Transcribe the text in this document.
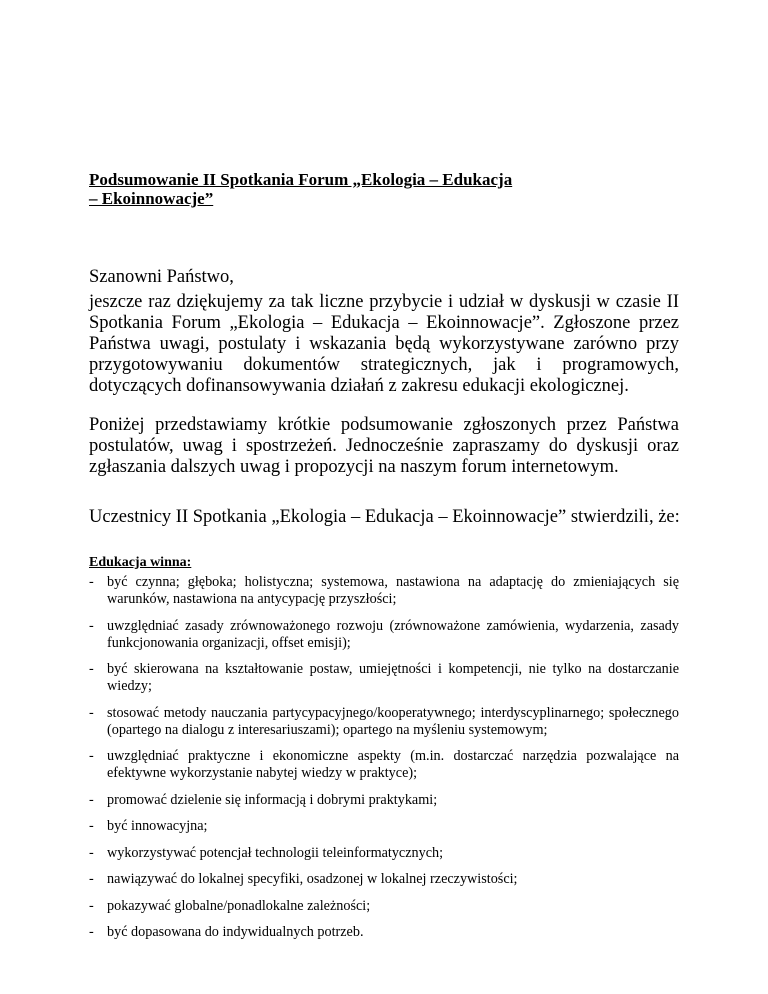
Podsumowanie II Spotkania Forum „Ekologia – Edukacja
– Ekoinnowacje”
Szanowni Państwo,

jeszcze raz dziękujemy za tak liczne przybycie i udział w dyskusji w czasie II Spotkania Forum „Ekologia – Edukacja – Ekoinnowacje”. Zgłoszone przez Państwa uwagi, postulaty i wskazania będą wykorzystywane zarówno przy przygotowywaniu dokumentów strategicznych, jak i programowych, dotyczących dofinansowywania działań z zakresu edukacji ekologicznej.

Poniżej przedstawiamy krótkie podsumowanie zgłoszonych przez Państwa postulatów, uwag i spostrzeżeń. Jednocześnie zapraszamy do dyskusji oraz zgłaszania dalszych uwag i propozycji na naszym forum internetowym.

Uczestnicy II Spotkania „Ekologia – Edukacja – Ekoinnowacje” stwierdzili, że:
Edukacja winna:
- być czynna; głęboka; holistyczna; systemowa, nastawiona na adaptację do zmieniających się warunków, nastawiona na antycypację przyszłości;
- uwzględniać zasady zrównoważonego rozwoju (zrównoważone zamówienia, wydarzenia, zasady funkcjonowania organizacji, offset emisji);
- być skierowana na kształtowanie postaw, umiejętności i kompetencji, nie tylko na dostarczanie wiedzy;
- stosować metody nauczania partycypacyjnego/kooperatywnego; interdyscyplinarnego; społecznego (opartego na dialogu z interesariuszami); opartego na myśleniu systemowym;
- uwzględniać praktyczne i ekonomiczne aspekty (m.in. dostarczać narzędzia pozwalające na efektywne wykorzystanie nabytej wiedzy w praktyce);
- promować dzielenie się informacją i dobrymi praktykami;
- być innowacyjna;
- wykorzystywać potencjał technologii teleinformatycznych;
- nawiązywać do lokalnej specyfiki, osadzonej w lokalnej rzeczywistości;
- pokazywać globalne/ponadlokalne zależności;
- być dopasowana do indywidualnych potrzeb.
